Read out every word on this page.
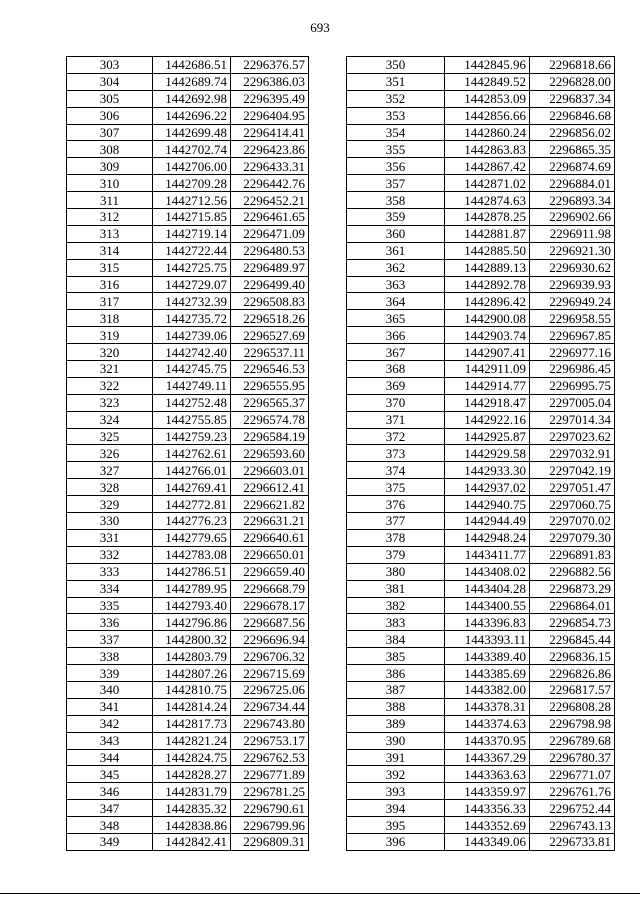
693
303	1442686.51	2296376.57
304	1442689.74	2296386.03
305	1442692.98	2296395.49
306	1442696.22	2296404.95
307	1442699.48	2296414.41
308	1442702.74	2296423.86
309	1442706.00	2296433.31
310	1442709.28	2296442.76
311	1442712.56	2296452.21
312	1442715.85	2296461.65
313	1442719.14	2296471.09
314	1442722.44	2296480.53
315	1442725.75	2296489.97
316	1442729.07	2296499.40
317	1442732.39	2296508.83
318	1442735.72	2296518.26
319	1442739.06	2296527.69
320	1442742.40	2296537.11
321	1442745.75	2296546.53
322	1442749.11	2296555.95
323	1442752.48	2296565.37
324	1442755.85	2296574.78
325	1442759.23	2296584.19
326	1442762.61	2296593.60
327	1442766.01	2296603.01
328	1442769.41	2296612.41
329	1442772.81	2296621.82
330	1442776.23	2296631.21
331	1442779.65	2296640.61
332	1442783.08	2296650.01
333	1442786.51	2296659.40
334	1442789.95	2296668.79
335	1442793.40	2296678.17
336	1442796.86	2296687.56
337	1442800.32	2296696.94
338	1442803.79	2296706.32
339	1442807.26	2296715.69
340	1442810.75	2296725.06
341	1442814.24	2296734.44
342	1442817.73	2296743.80
343	1442821.24	2296753.17
344	1442824.75	2296762.53
345	1442828.27	2296771.89
346	1442831.79	2296781.25
347	1442835.32	2296790.61
348	1442838.86	2296799.96
349	1442842.41	2296809.31
350	1442845.96	2296818.66
351	1442849.52	2296828.00
352	1442853.09	2296837.34
353	1442856.66	2296846.68
354	1442860.24	2296856.02
355	1442863.83	2296865.35
356	1442867.42	2296874.69
357	1442871.02	2296884.01
358	1442874.63	2296893.34
359	1442878.25	2296902.66
360	1442881.87	2296911.98
361	1442885.50	2296921.30
362	1442889.13	2296930.62
363	1442892.78	2296939.93
364	1442896.42	2296949.24
365	1442900.08	2296958.55
366	1442903.74	2296967.85
367	1442907.41	2296977.16
368	1442911.09	2296986.45
369	1442914.77	2296995.75
370	1442918.47	2297005.04
371	1442922.16	2297014.34
372	1442925.87	2297023.62
373	1442929.58	2297032.91
374	1442933.30	2297042.19
375	1442937.02	2297051.47
376	1442940.75	2297060.75
377	1442944.49	2297070.02
378	1442948.24	2297079.30
379	1443411.77	2296891.83
380	1443408.02	2296882.56
381	1443404.28	2296873.29
382	1443400.55	2296864.01
383	1443396.83	2296854.73
384	1443393.11	2296845.44
385	1443389.40	2296836.15
386	1443385.69	2296826.86
387	1443382.00	2296817.57
388	1443378.31	2296808.28
389	1443374.63	2296798.98
390	1443370.95	2296789.68
391	1443367.29	2296780.37
392	1443363.63	2296771.07
393	1443359.97	2296761.76
394	1443356.33	2296752.44
395	1443352.69	2296743.13
396	1443349.06	2296733.81
